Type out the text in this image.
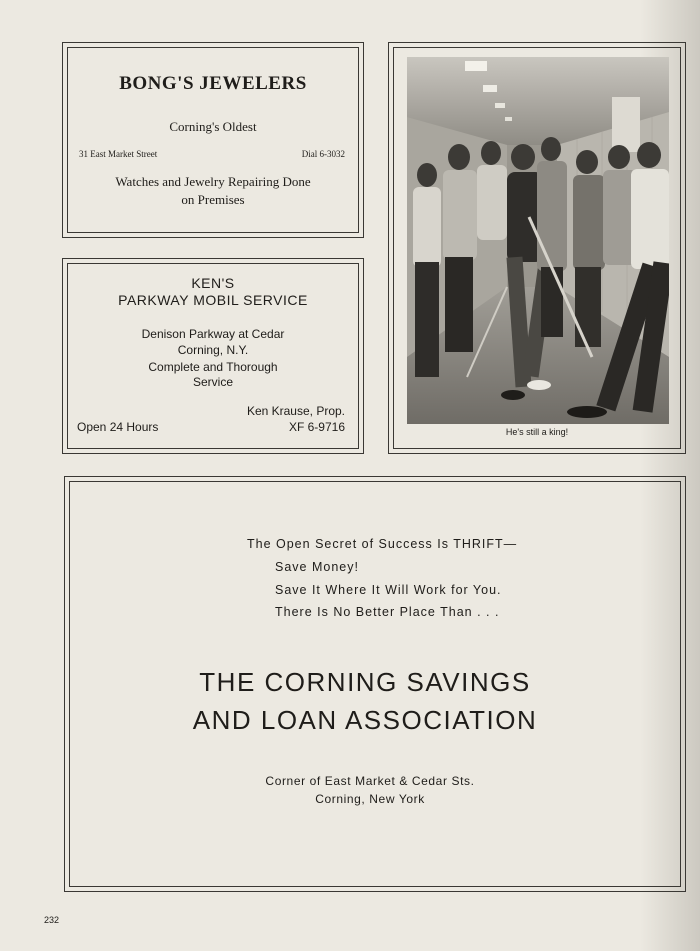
BONG'S JEWELERS
Corning's Oldest
31 East Market Street	Dial 6-3032
Watches and Jewelry Repairing Done
on Premises
KEN'S
PARKWAY MOBIL SERVICE
Denison Parkway at Cedar
Corning, N.Y.
Complete and Thorough
Service
Ken Krause, Prop.
Open 24 Hours	XF 6-9716	He's still a king!
The Open Secret of Success Is THRIFT—
Save Money!
Save It Where It Will Work for You.
There Is No Better Place Than . . .
THE CORNING SAVINGS
AND LOAN ASSOCIATION
Corner of East Market & Cedar Sts.
Corning, New York
232
